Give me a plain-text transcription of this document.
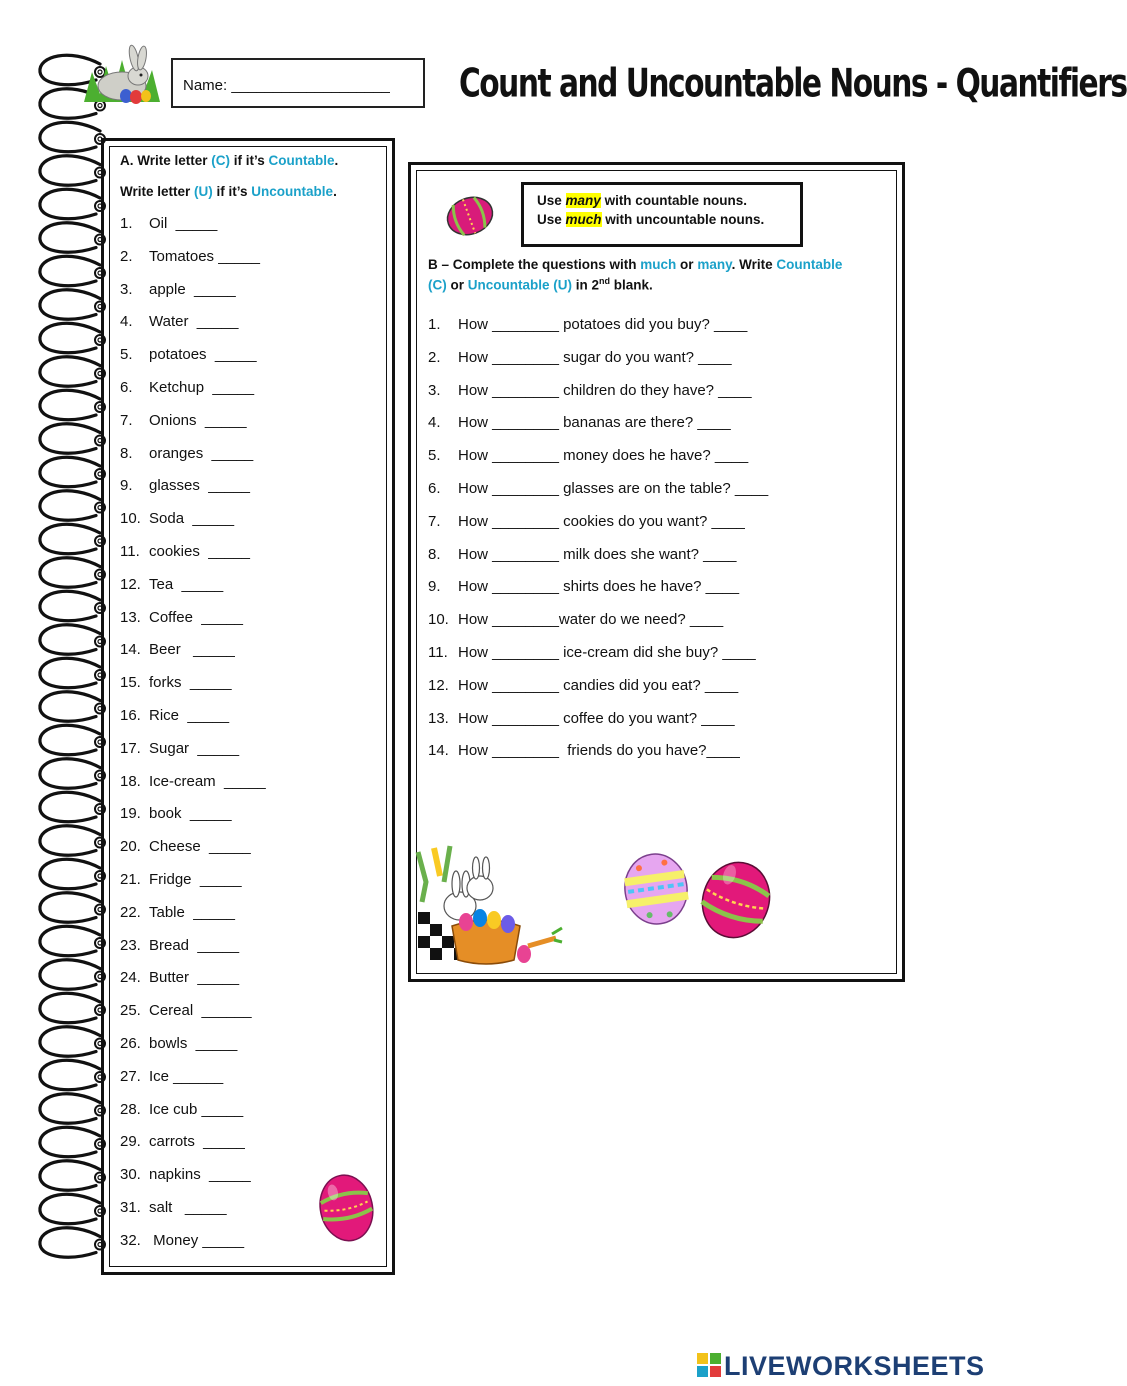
Name: ___________________ Count and Uncountable Nouns - Quantifiers
A. Write letter (C) if it’s Countable.
Write letter (U) if it’s Uncountable.
1. Oil  _____
2. Tomatoes _____
3. apple  _____
4. Water  _____
5. potatoes  _____
6. Ketchup  _____
7. Onions  _____
8. oranges  _____
9. glasses  _____
10. Soda  _____
11. cookies  _____
12. Tea  _____
13. Coffee  _____
14. Beer   _____
15. forks  _____
16. Rice  _____
17. Sugar  _____
18. Ice-cream  _____
19. book  _____
20. Cheese  _____
21. Fridge  _____
22. Table  _____
23. Bread  _____
24. Butter  _____
25. Cereal  ______
26. bowls  _____
27. Ice ______
28. Ice cub _____
29. carrots  _____
30. napkins  _____
31. salt   _____
32. Money _____
Use many with countable nouns.
Use much with uncountable nouns.
B – Complete the questions with much or many. Write Countable
(C) or Uncountable (U) in 2nd blank.
1. How ________ potatoes did you buy? ____
2. How ________ sugar do you want? ____
3. How ________ children do they have? ____
4. How ________ bananas are there? ____
5. How ________ money does he have? ____
6. How ________ glasses are on the table? ____
7. How ________ cookies do you want? ____
8. How ________ milk does she want? ____
9. How ________ shirts does he have? ____
10. How ________water do we need? ____
11. How ________ ice-cream did she buy? ____
12. How ________ candies did you eat? ____
13. How ________ coffee do you want? ____
14. How ________  friends do you have?____
LIVEWORKSHEETS
